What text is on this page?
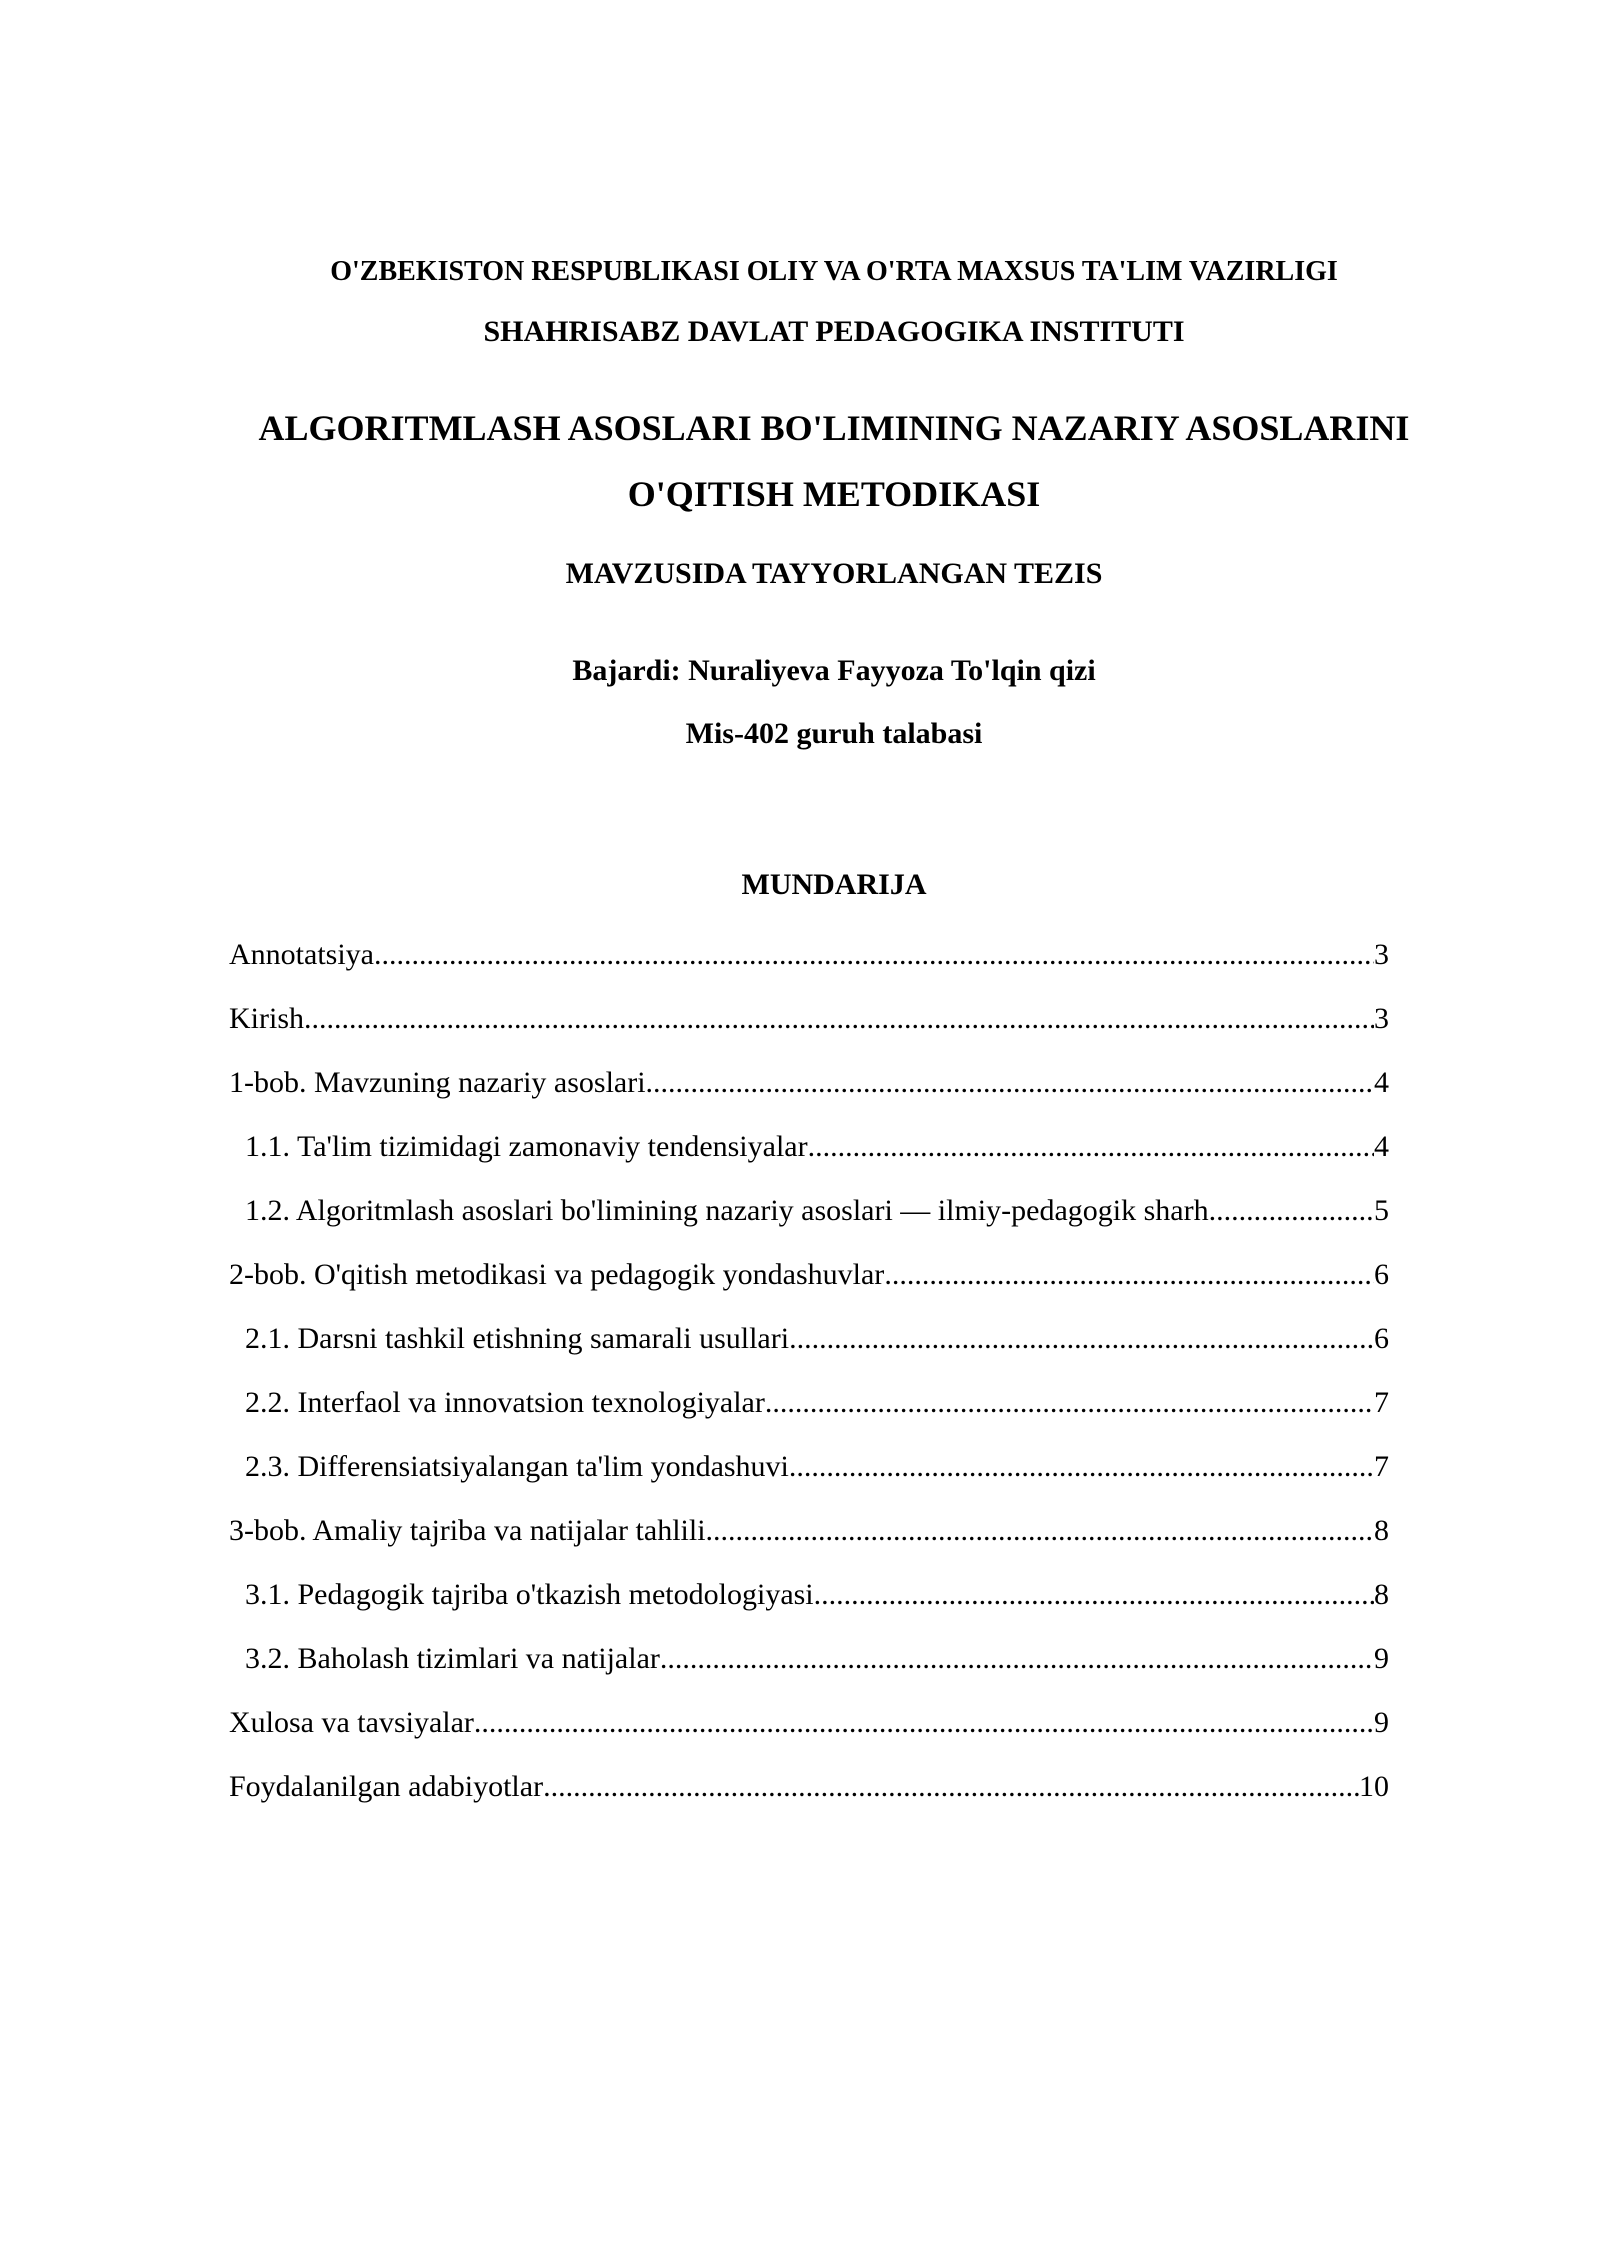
O'ZBEKISTON RESPUBLIKASI OLIY VA O'RTA MAXSUS TA'LIM VAZIRLIGI
SHAHRISABZ DAVLAT PEDAGOGIKA INSTITUTI
ALGORITMLASH ASOSLARI BO'LIMINING NAZARIY ASOSLARINI
O'QITISH METODIKASI
MAVZUSIDA TAYYORLANGAN TEZIS
Bajardi: Nuraliyeva Fayyoza To'lqin qizi
Mis-402 guruh talabasi
MUNDARIJA
Annotatsiya .....	3
Kirish .....	3
1-bob. Mavzuning nazariy asoslari .....	4
1.1. Ta'lim tizimidagi zamonaviy tendensiyalar .....	4
1.2. Algoritmlash asoslari bo'limining nazariy asoslari — ilmiy-pedagogik sharh .....	5
2-bob. O'qitish metodikasi va pedagogik yondashuvlar .....	6
2.1. Darsni tashkil etishning samarali usullari .....	6
2.2. Interfaol va innovatsion texnologiyalar .....	7
2.3. Differensiatsiyalangan ta'lim yondashuvi .....	7
3-bob. Amaliy tajriba va natijalar tahlili .....	8
3.1. Pedagogik tajriba o'tkazish metodologiyasi .....	8
3.2. Baholash tizimlari va natijalar .....	9
Xulosa va tavsiyalar .....	9
Foydalanilgan adabiyotlar .....	10
